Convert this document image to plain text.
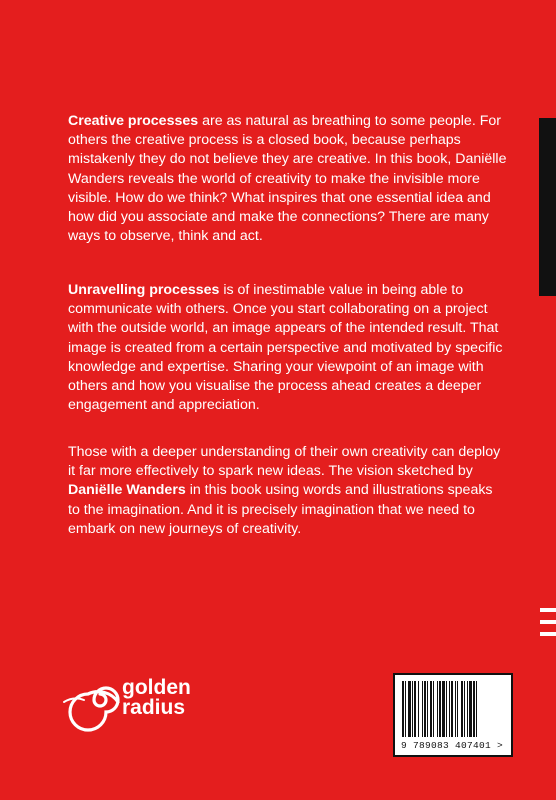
Creative processes are as natural as breathing to some people. For others the creative process is a closed book, because perhaps mistakenly they do not believe they are creative. In this book, Daniëlle Wanders reveals the world of creativity to make the invisible more visible. How do we think? What inspires that one essential idea and how did you associate and make the connections? There are many ways to observe, think and act.
Unravelling processes is of inestimable value in being able to communicate with others. Once you start collaborating on a project with the outside world, an image appears of the intended result. That image is created from a certain perspective and motivated by specific knowledge and expertise. Sharing your viewpoint of an image with others and how you visualise the process ahead creates a deeper engagement and appreciation.
Those with a deeper understanding of their own creativity can deploy it far more effectively to spark new ideas. The vision sketched by Daniëlle Wanders in this book using words and illustrations speaks to the imagination. And it is precisely imagination that we need to embark on new journeys of creativity.
golden
radius
9 789083 407401 >
